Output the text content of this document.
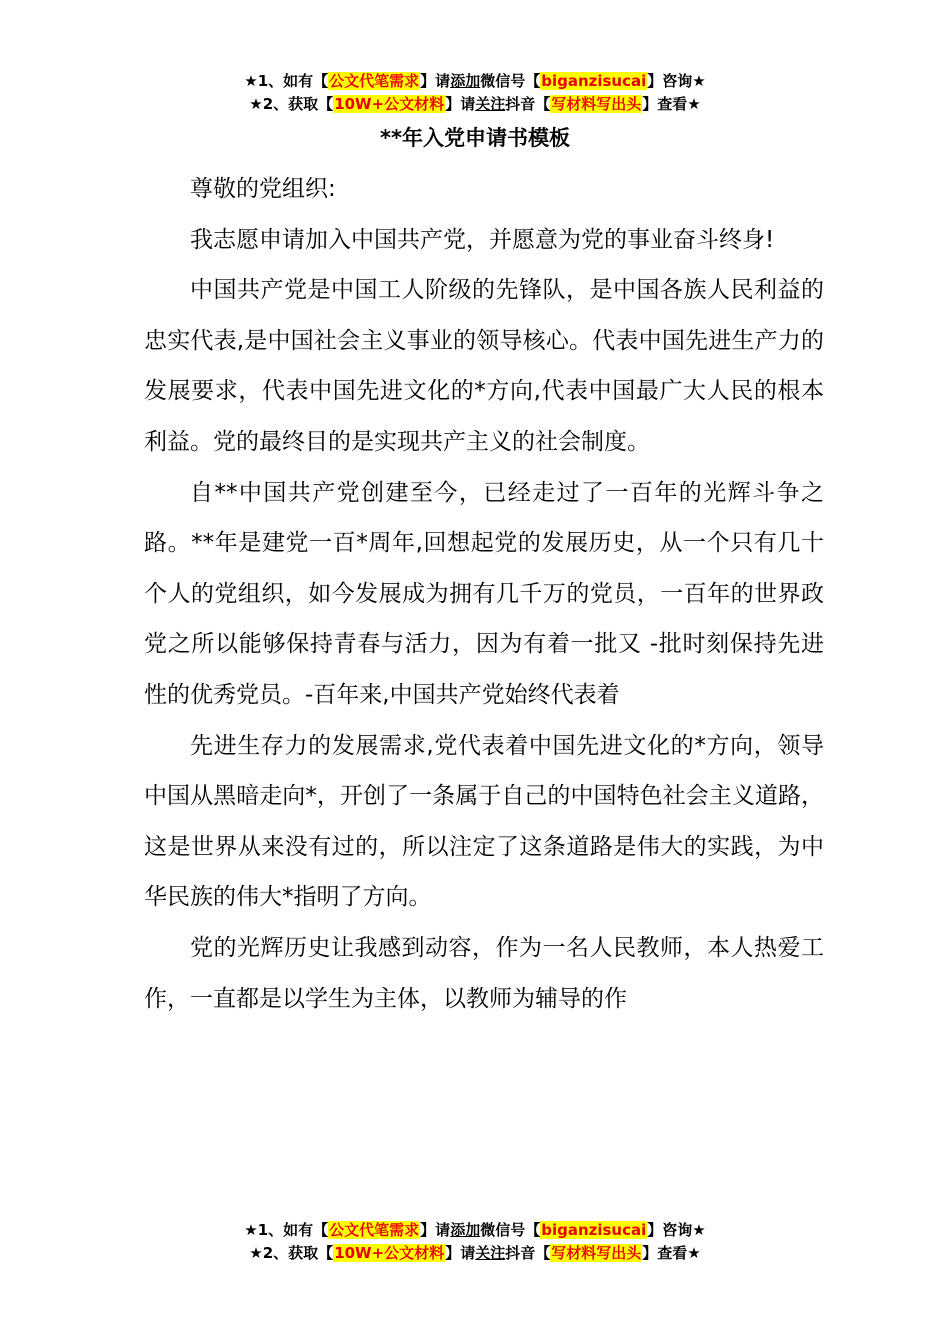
★1、如有【公文代笔需求】请添加微信号【biganzisucai】咨询★
★2、获取【10W+公文材料】请关注抖音【写材料写出头】查看★
**年入党申请书模板

尊敬的党组织:

我志愿申请加入中国共产党，并愿意为党的事业奋斗终身!

中国共产党是中国工人阶级的先锋队，是中国各族人民利益的忠实代表,是中国社会主义事业的领导核心。代表中国先进生产力的发展要求，代表中国先进文化的*方向,代表中国最广大人民的根本利益。党的最终目的是实现共产主义的社会制度。

自**中国共产党创建至今，已经走过了一百年的光辉斗争之路。**年是建党一百*周年,回想起党的发展历史，从一个只有几十个人的党组织，如今发展成为拥有几千万的党员，一百年的世界政党之所以能够保持青春与活力，因为有着一批又 -批时刻保持先进性的优秀党员。-百年来,中国共产党始终代表着

先进生存力的发展需求,党代表着中国先进文化的*方向，领导中国从黑暗走向*，开创了一条属于自己的中国特色社会主义道路，这是世界从来没有过的，所以注定了这条道路是伟大的实践，为中华民族的伟大*指明了方向。

党的光辉历史让我感到动容，作为一名人民教师，本人热爱工作，一直都是以学生为主体，以教师为辅导的作

★1、如有【公文代笔需求】请添加微信号【biganzisucai】咨询★
★2、获取【10W+公文材料】请关注抖音【写材料写出头】查看★
